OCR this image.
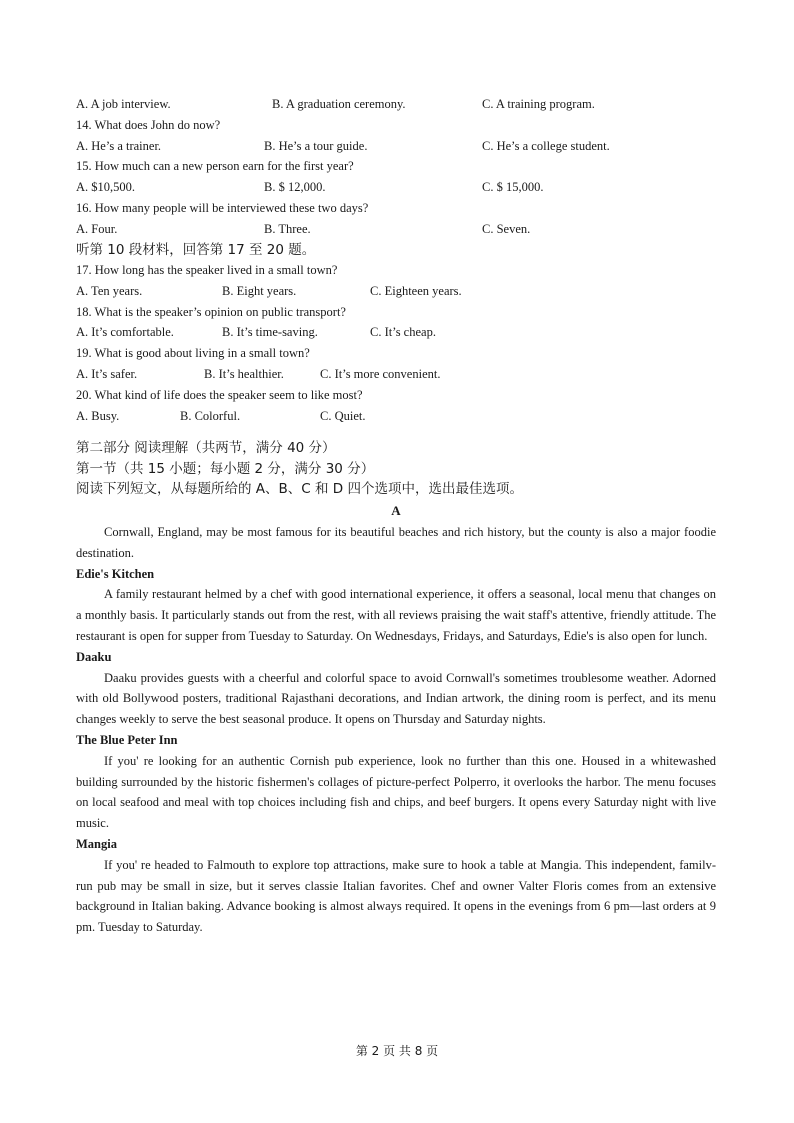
A. A job interview.	B. A graduation ceremony.	C. A training program.
14. What does John do now?
A. He’s a trainer.	B. He’s a tour guide.	C. He’s a college student.
15. How much can a new person earn for the first year?
A. $10,500.	B. $ 12,000.	C. $ 15,000.
16. How many people will be interviewed these two days?
A. Four.	B. Three.	C. Seven.
听第 10 段材料，回答第 17 至 20 题。
17. How long has the speaker lived in a small town?
A. Ten years.	B. Eight years.	C. Eighteen years.
18. What is the speaker’s opinion on public transport?
A. It’s comfortable.	B. It’s time-saving.	C. It’s cheap.
19. What is good about living in a small town?
A. It’s safer.	B. It’s healthier.	C. It’s more convenient.
20. What kind of life does the speaker seem to like most?
A. Busy.	B. Colorful.	C. Quiet.
第二部分 阅读理解（共两节，满分 40 分）
第一节（共 15 小题；每小题 2 分，满分 30 分）
阅读下列短文，从每题所给的 A、B、C 和 D 四个选项中，选出最佳选项。
A
Cornwall, England, may be most famous for its beautiful beaches and rich history, but the county is also a major foodie destination.
Edie's Kitchen
A family restaurant helmed by a chef with good international experience, it offers a seasonal, local menu that changes on a monthly basis. It particularly stands out from the rest, with all reviews praising the wait staff's attentive, friendly attitude. The restaurant is open for supper from Tuesday to Saturday. On Wednesdays, Fridays, and Saturdays, Edie's is also open for lunch.
Daaku
Daaku provides guests with a cheerful and colorful space to avoid Cornwall's sometimes troublesome weather. Adorned with old Bollywood posters, traditional Rajasthani decorations, and Indian artwork, the dining room is perfect, and its menu changes weekly to serve the best seasonal produce. It opens on Thursday and Saturday nights.
The Blue Peter Inn
If you' re looking for an authentic Cornish pub experience, look no further than this one. Housed in a whitewashed building surrounded by the historic fishermen's collages of picture-perfect Polperro, it overlooks the harbor. The menu focuses on local seafood and meal with top choices including fish and chips, and beef burgers. It opens every Saturday night with live music.
Mangia
If you' re headed to Falmouth to explore top attractions, make sure to hook a table at Mangia. This independent, familv-run pub may be small in size, but it serves classie Italian favorites. Chef and owner Valter Floris comes from an extensive background in Italian baking. Advance booking is almost always required. It opens in the evenings from 6 pm—last orders at 9 pm. Tuesday to Saturday.
第 2 页 共 8 页
